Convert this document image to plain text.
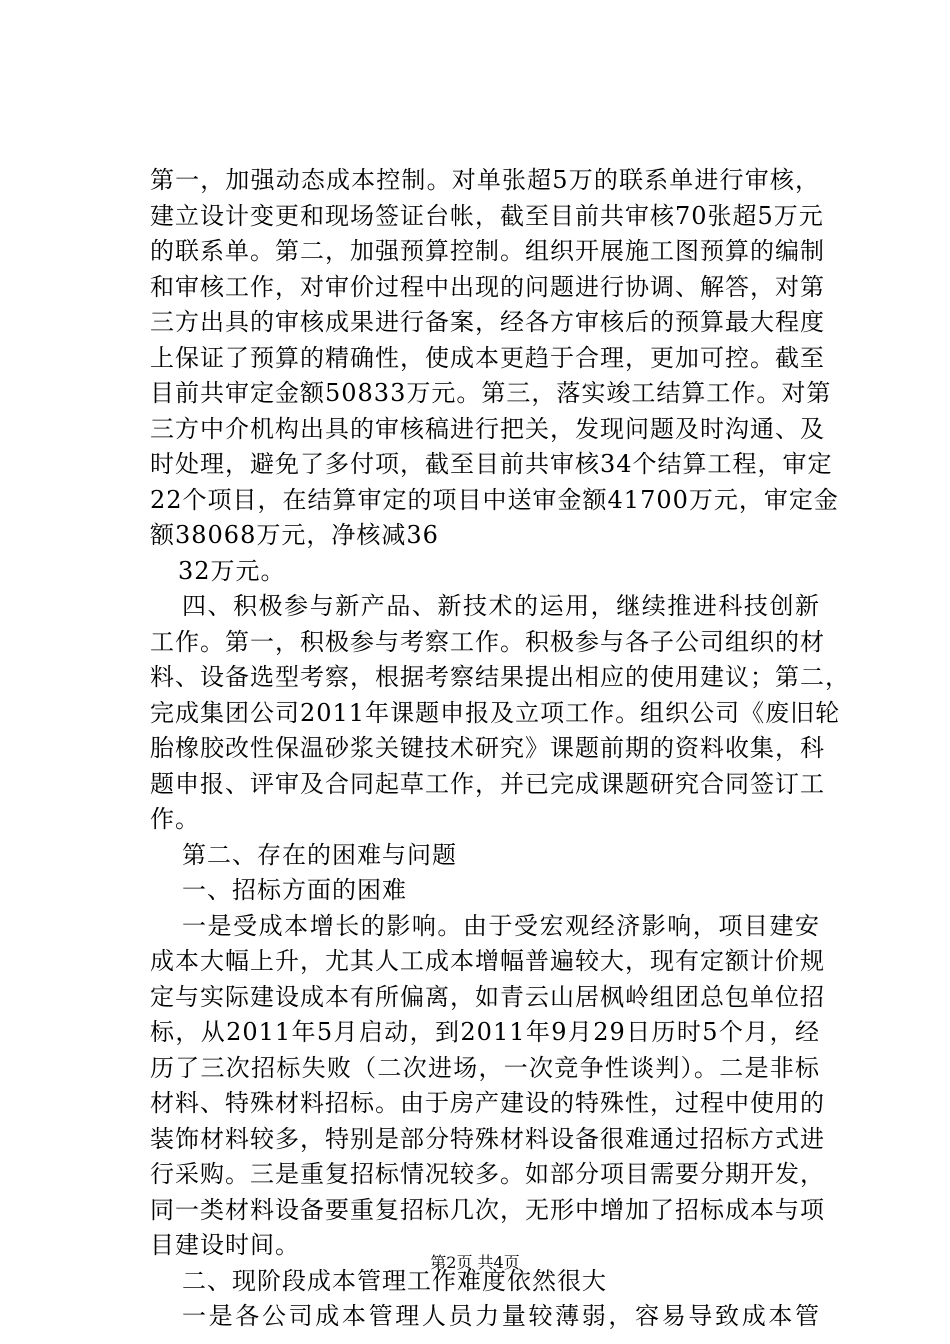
第一，加强动态成本控制。对单张超5万的联系单进行审核，
建立设计变更和现场签证台帐，截至目前共审核70张超5万元
的联系单。第二，加强预算控制。组织开展施工图预算的编制
和审核工作，对审价过程中出现的问题进行协调、解答，对第
三方出具的审核成果进行备案，经各方审核后的预算最大程度
上保证了预算的精确性，使成本更趋于合理，更加可控。截至
目前共审定金额50833万元。第三，落实竣工结算工作。对第
三方中介机构出具的审核稿进行把关，发现问题及时沟通、及
时处理，避免了多付项，截至目前共审核34个结算工程，审定
22个项目，在结算审定的项目中送审金额41700万元，审定金
额38068万元，净核减36
32万元。
四、积极参与新产品、新技术的运用，继续推进科技创新
工作。第一，积极参与考察工作。积极参与各子公司组织的材
料、设备选型考察，根据考察结果提出相应的使用建议；第二，
完成集团公司2011年课题申报及立项工作。组织公司《废旧轮
胎橡胶改性保温砂浆关键技术研究》课题前期的资料收集，科
题申报、评审及合同起草工作，并已完成课题研究合同签订工
作。
第二、存在的困难与问题
一、招标方面的困难
一是受成本增长的影响。由于受宏观经济影响，项目建安
成本大幅上升，尤其人工成本增幅普遍较大，现有定额计价规
定与实际建设成本有所偏离，如青云山居枫岭组团总包单位招
标，从2011年5月启动，到2011年9月29日历时5个月，经
历了三次招标失败（二次进场，一次竞争性谈判）。二是非标
材料、特殊材料招标。由于房产建设的特殊性，过程中使用的
装饰材料较多，特别是部分特殊材料设备很难通过招标方式进
行采购。三是重复招标情况较多。如部分项目需要分期开发，
同一类材料设备要重复招标几次，无形中增加了招标成本与项
目建设时间。
二、现阶段成本管理工作难度依然很大
一是各公司成本管理人员力量较薄弱，容易导致成本管
第2页 共4页
